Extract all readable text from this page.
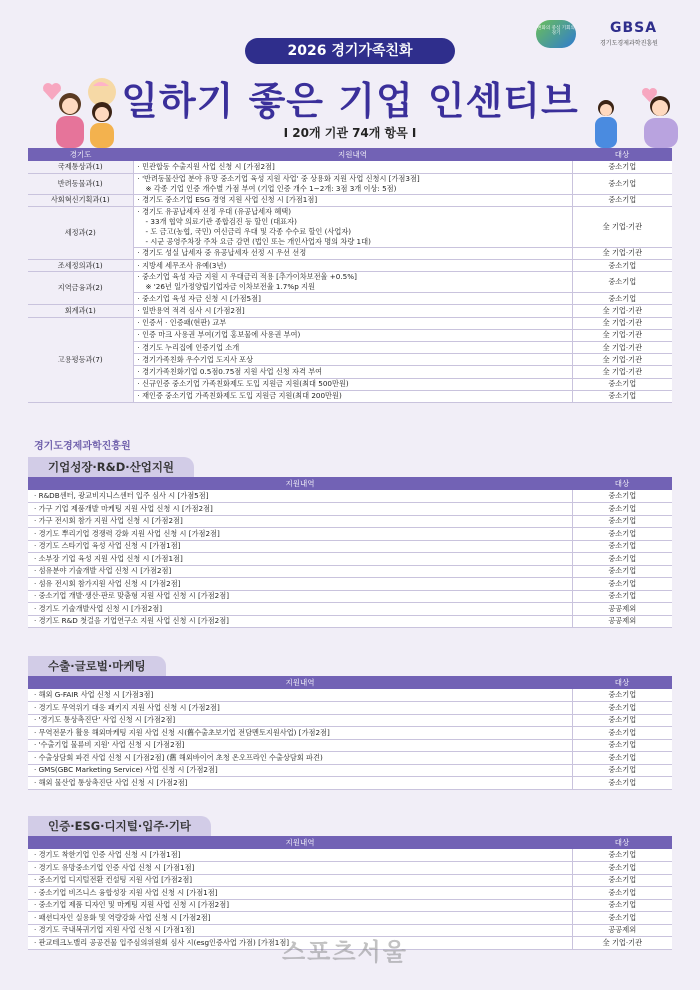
2026 경기가족친화
일하기 좋은 기업 인센티브
Ι 20개 기관 74개 항목 Ι
변화의 중심 기회의 경기	GBSA
경기도경제과학진흥원
경기도	지원내역	대상
국제통상과(1)	· 민관합동 수출지원 사업 신청 시 [가점2점]	중소기업
반려동물과(1)	· '반려동물산업 분야 유망 중소기업 육성 지원 사업' 중 상용화 지원 사업 신청시 [가점3점]
※ 각종 기업 인증 개수별 가점 부여 (기업 인증 개수 1~2개: 3점 3개 이상: 5점)	중소기업
사회혁신기획과(1)	· 경기도 중소기업 ESG 경영 지원 사업 신청 시 [가점1점]	중소기업
세정과(2)	· 경기도 유공납세자 선정 우대 (유공납세자 혜택)
- 33개 협약 의료기관 종합검진 등 할인 (대표자)
- 도 금고(농협, 국민) 여신금리 우대 및 각종 수수료 할인 (사업자)
- 시군 공영주차장 주차 요금 감면 (법인 또는 개인사업자 명의 차량 1대)	全 기업·기관
	· 경기도 성실 납세자 중 유공납세자 선정 시 우선 선정	全 기업·기관
조세정의과(1)	· 지방세 세무조사 유예(3년)	중소기업
지역금융과(2)	· 중소기업 육성 자금 지원 시 우대금리 적용 [추가이차보전율 +0.5%]
※ '26년 일가정양립기업자금 이차보전율 1.7%p 지원	중소기업
	· 중소기업 육성 자금 신청 시 [가점5점]	중소기업
회계과(1)	· 일반용역 적격 심사 시 [가점2점]	全 기업·기관
고용평등과(7)	· 인증서 · 인증패(현판) 교부	全 기업·기관
	· 인증 마크 사용권 부여(기업 홍보물에 사용권 부여)	全 기업·기관
	· 경기도 누리집에 인증기업 소개	全 기업·기관
	· 경기가족친화 우수기업 도지사 포상	全 기업·기관
	· 경기가족친화기업 0.5점0.75점 지원 사업 신청 자격 부여	全 기업·기관
	· 신규인증 중소기업 가족친화제도 도입 지원금 지원(최대 500만원)	중소기업
	· 재인증 중소기업 가족친화제도 도입 지원금 지원(최대 200만원)	중소기업
경기도경제과학진흥원
기업성장·R&D·산업지원
지원내역	대상
· R&DB센터, 광교비지니스센터 입주 심사 시 [가점5점]	중소기업
· 가구 기업 제품개발 마케팅 지원 사업 신청 시 [가점2점]	중소기업
· 가구 전시회 참가 지원 사업 신청 시 [가점2점]	중소기업
· 경기도 뿌리기업 경쟁력 강화 지원 사업 신청 시 [가점2점]	중소기업
· 경기도 스타기업 육성 사업 신청 시 [가점1점]	중소기업
· 소부장 기업 육성 지원 사업 신청 시 [가점1점]	중소기업
· 섬유분야 기술개발 사업 신청 시 [가점2점]	중소기업
· 섬유 전시회 참가지원 사업 신청 시 [가점2점]	중소기업
· 중소기업 개발·생산·판로 맞춤형 지원 사업 신청 시 [가점2점]	중소기업
· 경기도 기술개발사업 신청 시 [가점2점]	공공제외
· 경기도 R&D 첫걸음 기업연구소 지원 사업 신청 시 [가점2점]	공공제외
수출·글로벌·마케팅
지원내역	대상
· 해외 G-FAIR 사업 신청 시 [가점3점]	중소기업
· 경기도 무역위기 대응 패키지 지원 사업 신청 시 [가점2점]	중소기업
· '경기도 통상촉진단' 사업 신청 시 [가점2점]	중소기업
· 무역전문가 활용 해외마케팅 지원 사업 신청 시(舊수출초보기업 전담멘토지원사업) [가점2점]	중소기업
· '수출기업 물류비 지원' 사업 신청 시 [가점2점]	중소기업
· 수출상담회 파견 사업 신청 시 [가점2점] (舊 해외바이어 초청 온오프라인 수출상담회 파견)	중소기업
· GMS(GBC Marketing Service) 사업 신청 시 [가점2점]	중소기업
· 해외 물산업 통상촉진단 사업 신청 시 [가점2점]	중소기업
인증·ESG·디지털·입주·기타
지원내역	대상
· 경기도 착한기업 인증 사업 신청 시 [가점1점]	중소기업
· 경기도 유망중소기업 인증 사업 신청 시 [가점1점]	중소기업
· 중소기업 디지털전환 컨설팅 지원 사업 [가점2점]	중소기업
· 중소기업 비즈니스 융합성장 지원 사업 신청 시 [가점1점]	중소기업
· 중소기업 제품 디자인 및 마케팅 지원 사업 신청 시 [가점2점]	중소기업
· 패션디자인 실용화 및 역량강화 사업 신청 시 [가점2점]	중소기업
· 경기도 국내복귀기업 지원 사업 신청 시 [가점1점]	공공제외
· 판교테크노밸리 공공건물 입주심의위원회 심사 시(esg인증사업 가점) [가점1점]	全 기업·기관
스포츠서울
